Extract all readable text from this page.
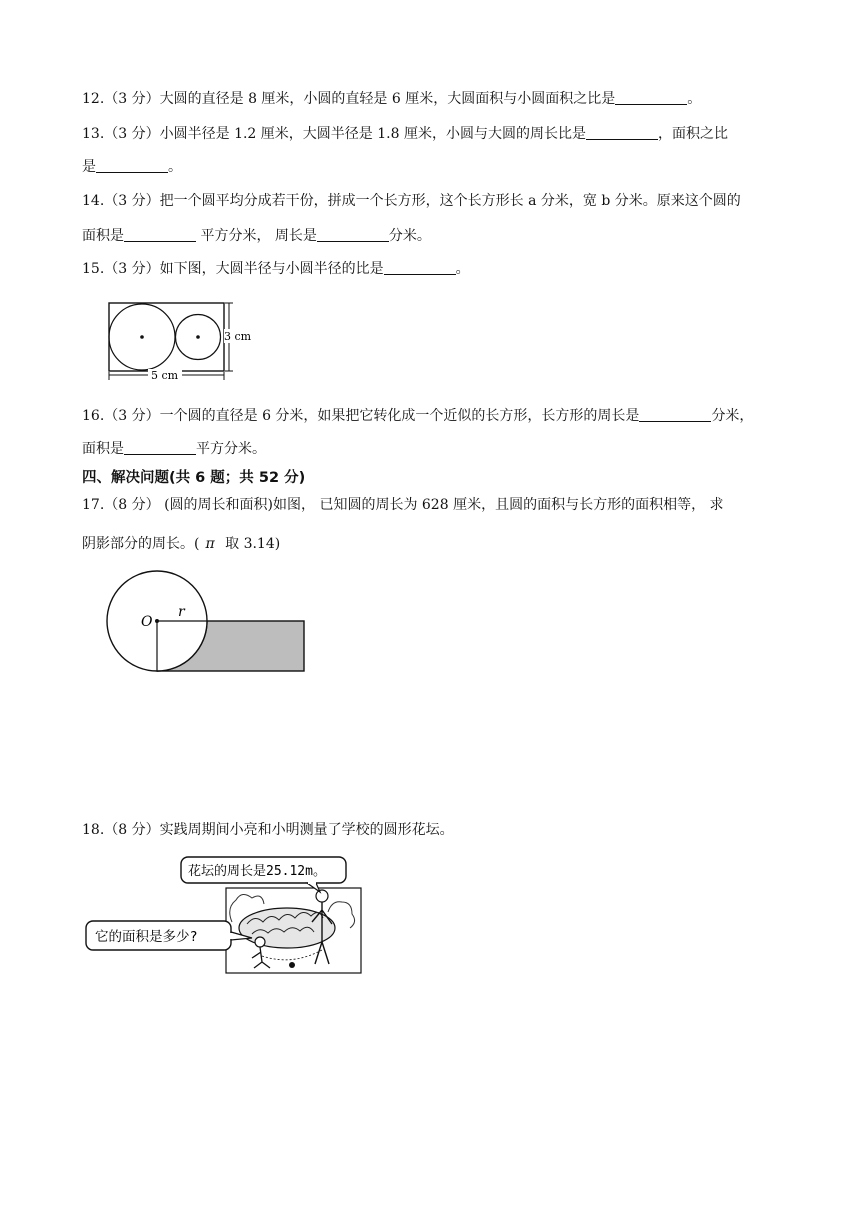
12.（3 分）大圆的直径是 8 厘米，小圆的直轻是 6 厘米，大圆面积与小圆面积之比是	。
13.（3 分）小圆半径是 1.2 厘米，大圆半径是 1.8 厘米，小圆与大圆的周长比是	，面积之比
是	。
14.（3 分）把一个圆平均分成若干份，拼成一个长方形，这个长方形长 a 分米，宽 b 分米。原来这个圆的
面积是	平方分米， 周长是	分米。
15.（3 分）如下图，大圆半径与小圆半径的比是	。
3 cm
5 cm
16.（3 分）一个圆的直径是 6 分米，如果把它转化成一个近似的长方形，长方形的周长是	分米，
面积是	平方分米。
四、解决问题(共 6 题；共 52 分)
17.（8 分） (圆的周长和面积)如图， 已知圆的周长为 628 厘米，且圆的面积与长方形的面积相等， 求
阴影部分的周长。( π 取 3.14)
O
r
18.（8 分）实践周期间小亮和小明测量了学校的圆形花坛。
花坛的周长是25.12m。
它的面积是多少?
